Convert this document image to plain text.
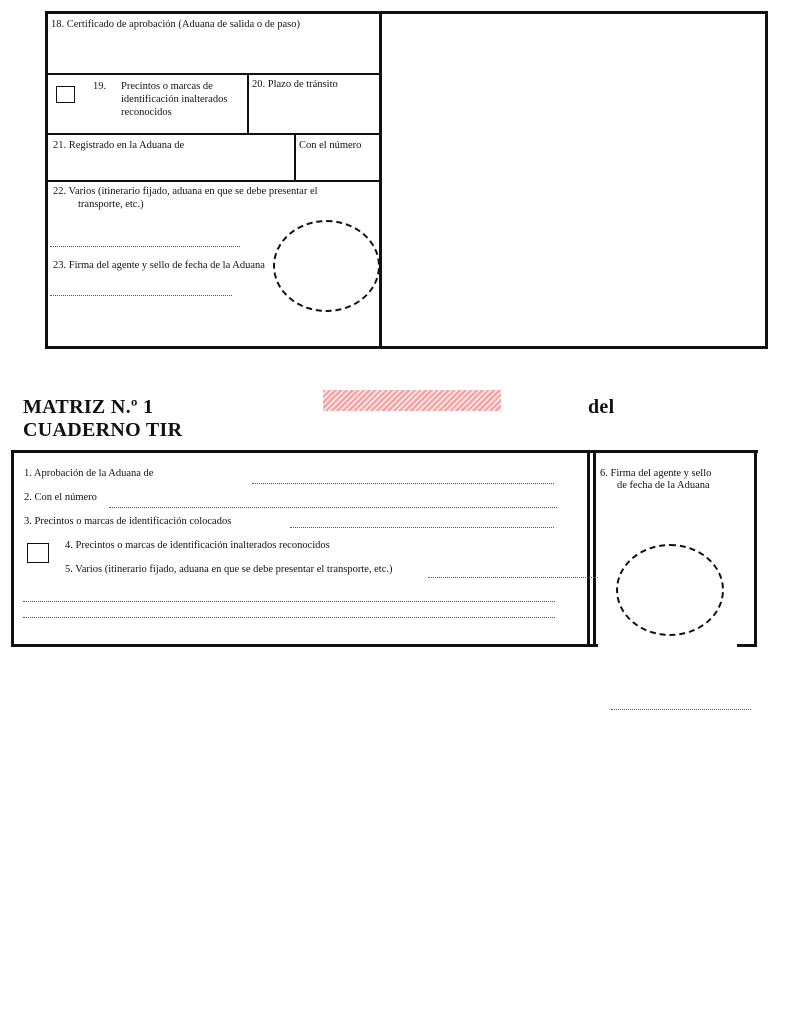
18. Certificado de aprobación (Aduana de salida o de paso)
19. Precintos o marcas de identificación inalterados reconocidos
20. Plazo de tránsito
21. Registrado en la Aduana de	Con el número
22. Varios (itinerario fijado, aduana en que se debe presentar el
transporte, etc.)
23. Firma del agente y sello de fecha de la Aduana
MATRIZ N.º 1
CUADERNO TIR
del
1. Aprobación de la Aduana de
2. Con el número
3. Precintos o marcas de identificación colocados
4. Precintos o marcas de identificación inalterados reconocidos
5. Varios (itinerario fijado, aduana en que se debe presentar el transporte, etc.)
6. Firma del agente y sello
de fecha de la Aduana
